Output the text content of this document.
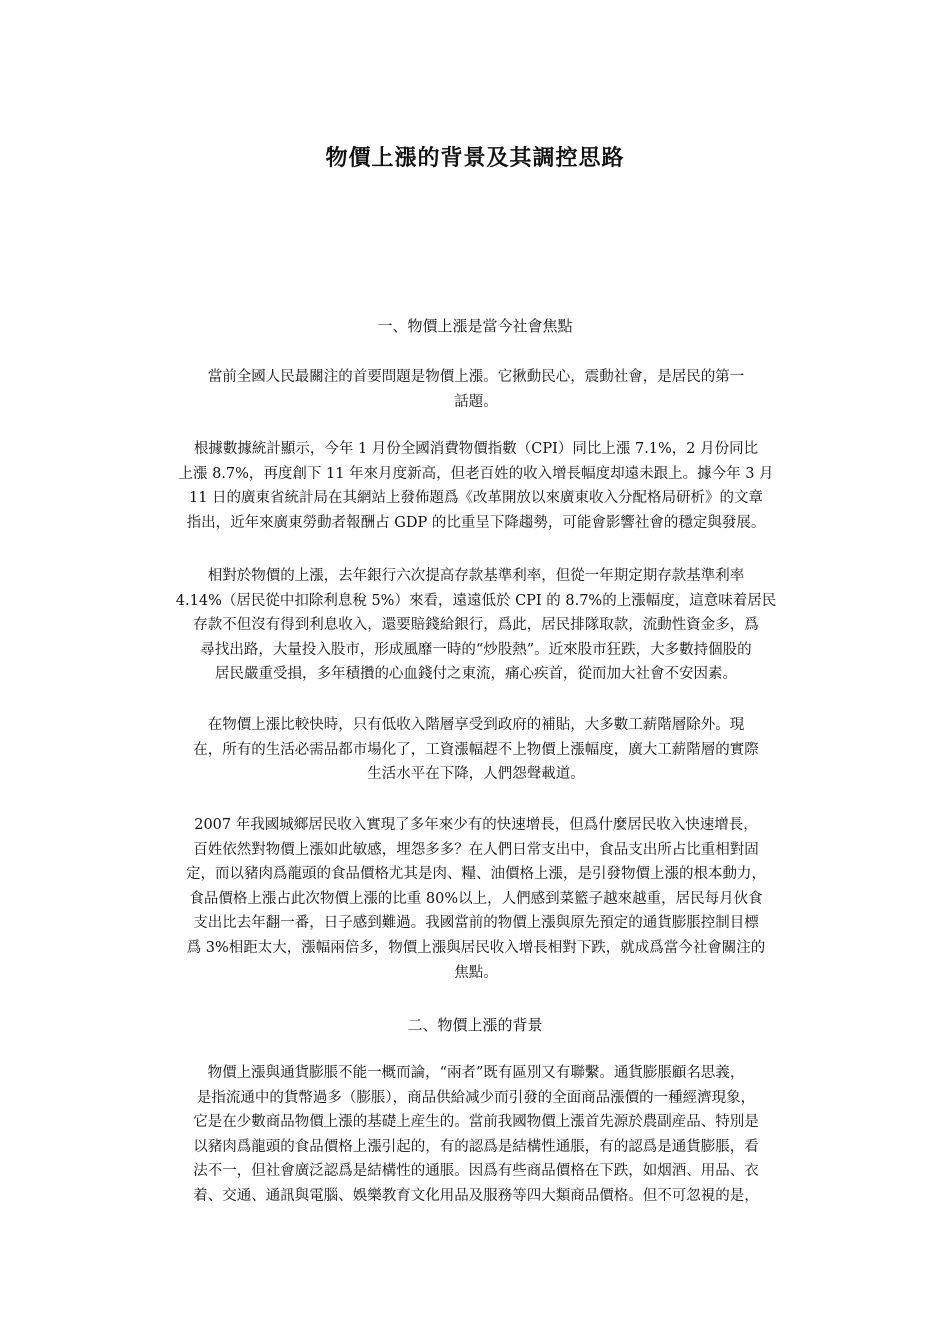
物價上漲的背景及其調控思路
一、物價上漲是當今社會焦點
當前全國人民最關注的首要問題是物價上漲。它揪動民心，震動社會，是居民的第一
話題。
根據數據統計顯示，今年 1 月份全國消費物價指數（CPI）同比上漲 7.1%，2 月份同比
上漲 8.7%，再度創下 11 年來月度新高，但老百姓的收入增長幅度却遠未跟上。據今年 3 月
11 日的廣東省統計局在其網站上發佈題爲《改革開放以來廣東收入分配格局研析》的文章
指出，近年來廣東勞動者報酬占 GDP 的比重呈下降趨勢，可能會影響社會的穩定與發展。
相對於物價的上漲，去年銀行六次提高存款基準利率，但從一年期定期存款基準利率
4.14%（居民從中扣除利息稅 5%）來看，遠遠低於 CPI 的 8.7%的上漲幅度，這意味着居民
存款不但沒有得到利息收入，還要賠錢給銀行，爲此，居民排隊取款，流動性資金多，爲
尋找出路，大量投入股市，形成風靡一時的“炒股熱”。近來股市狂跌，大多數持個股的
居民嚴重受損，多年積攢的心血錢付之東流，痛心疾首，從而加大社會不安因素。
在物價上漲比較快時，只有低收入階層享受到政府的補貼，大多數工薪階層除外。現
在，所有的生活必需品都市場化了，工資漲幅趕不上物價上漲幅度，廣大工薪階層的實際
生活水平在下降，人們怨聲載道。
2007 年我國城鄉居民收入實現了多年來少有的快速增長，但爲什麼居民收入快速增長，
百姓依然對物價上漲如此敏感，埋怨多多？在人們日常支出中，食品支出所占比重相對固
定，而以豬肉爲龍頭的食品價格尤其是肉、糧、油價格上漲，是引發物價上漲的根本動力，
食品價格上漲占此次物價上漲的比重 80%以上，人們感到菜籃子越來越重，居民每月伙食
支出比去年翻一番，日子感到難過。我國當前的物價上漲與原先預定的通貨膨脹控制目標
爲 3%相距太大，漲幅兩倍多，物價上漲與居民收入增長相對下跌，就成爲當今社會關注的
焦點。
二、物價上漲的背景
物價上漲與通貨膨脹不能一概而論，“兩者”既有區別又有聯繫。通貨膨脹顧名思義，
是指流通中的貨幣過多（膨脹），商品供給减少而引發的全面商品漲價的一種經濟現象，
它是在少數商品物價上漲的基礎上産生的。當前我國物價上漲首先源於農副産品、特別是
以豬肉爲龍頭的食品價格上漲引起的，有的認爲是結構性通脹，有的認爲是通貨膨脹，看
法不一，但社會廣泛認爲是結構性的通脹。因爲有些商品價格在下跌，如烟酒、用品、衣
着、交通、通訊與電腦、娛樂教育文化用品及服務等四大類商品價格。但不可忽視的是，
